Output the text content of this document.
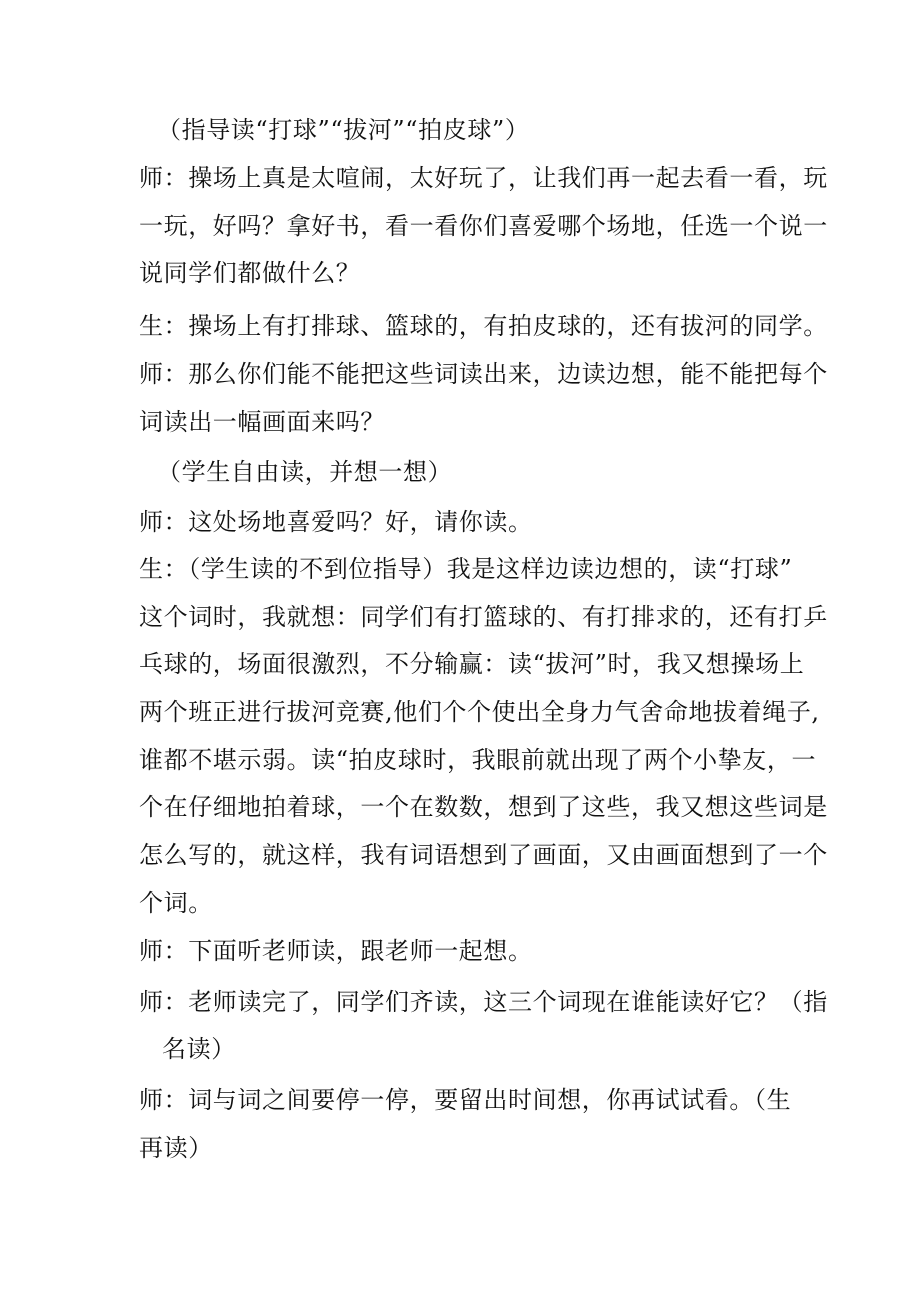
（指导读“打球”“拔河”“拍皮球”）

师：操场上真是太喧闹，太好玩了，让我们再一起去看一看，玩

一玩，好吗？拿好书，看一看你们喜爱哪个场地，任选一个说一

说同学们都做什么？

生：操场上有打排球、篮球的，有拍皮球的，还有拔河的同学。

师：那么你们能不能把这些词读出来，边读边想，能不能把每个

词读出一幅画面来吗？

（学生自由读，并想一想）

师：这处场地喜爱吗？好，请你读。

生：（学生读的不到位指导）我是这样边读边想的，读“打球”

这个词时，我就想：同学们有打篮球的、有打排求的，还有打乒

乓球的，场面很激烈，不分输赢：读“拔河”时，我又想操场上

两个班正进行拔河竞赛,他们个个使出全身力气舍命地拔着绳子,

谁都不堪示弱。读“拍皮球时，我眼前就出现了两个小挚友，一

个在仔细地拍着球，一个在数数，想到了这些，我又想这些词是

怎么写的，就这样，我有词语想到了画面，又由画面想到了一个

个词。

师：下面听老师读，跟老师一起想。

师：老师读完了，同学们齐读，这三个词现在谁能读好它？（指

名读）

师：词与词之间要停一停，要留出时间想，你再试试看。（生

再读）
